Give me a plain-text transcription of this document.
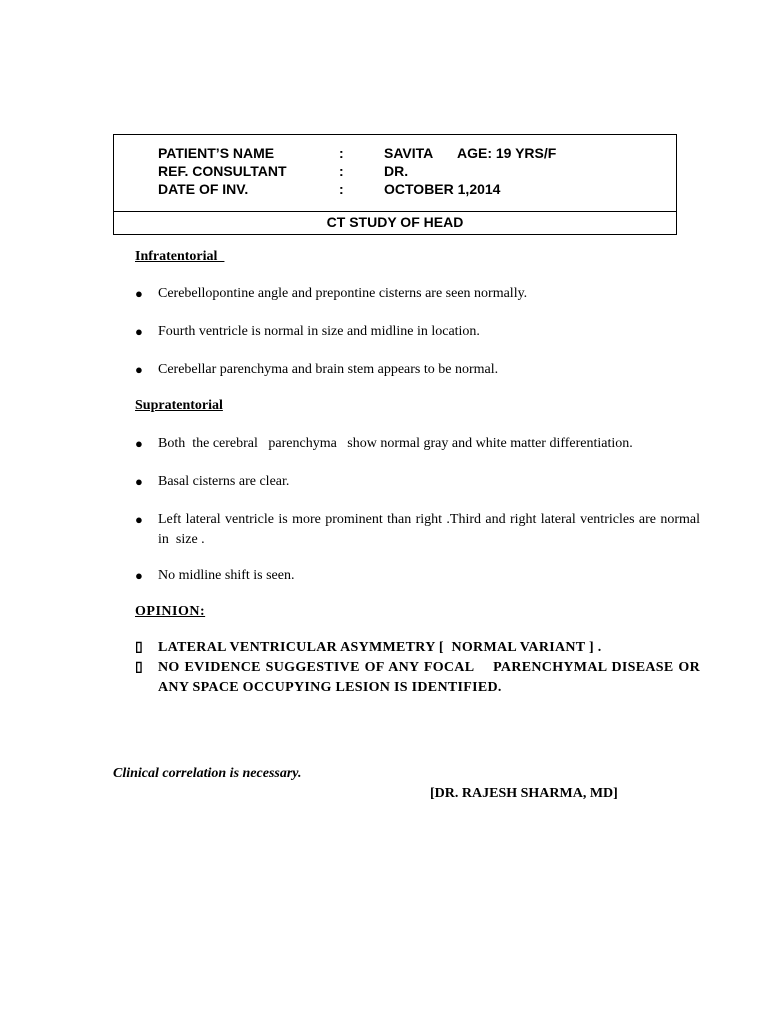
PATIENT’S NAME	:	SAVITA AGE: 19 YRS/F
REF. CONSULTANT	:	DR.
DATE OF INV.	:	OCTOBER 1,2014
CT STUDY OF HEAD
Infratentorial
● Cerebellopontine angle and prepontine cisterns are seen normally.
● Fourth ventricle is normal in size and midline in location.
● Cerebellar parenchyma and brain stem appears to be normal.
Supratentorial
● Both  the cerebral   parenchyma   show normal gray and white matter differentiation.
● Basal cisterns are clear.
● Left lateral ventricle is more prominent than right .Third and right lateral ventricles are normal  in  size .
● No midline shift is seen.
OPINION:
▯ LATERAL VENTRICULAR ASYMMETRY [  NORMAL VARIANT ] .
▯ NO EVIDENCE SUGGESTIVE OF ANY FOCAL    PARENCHYMAL DISEASE OR ANY SPACE OCCUPYING LESION IS IDENTIFIED.
Clinical correlation is necessary.
[DR. RAJESH SHARMA, MD]
